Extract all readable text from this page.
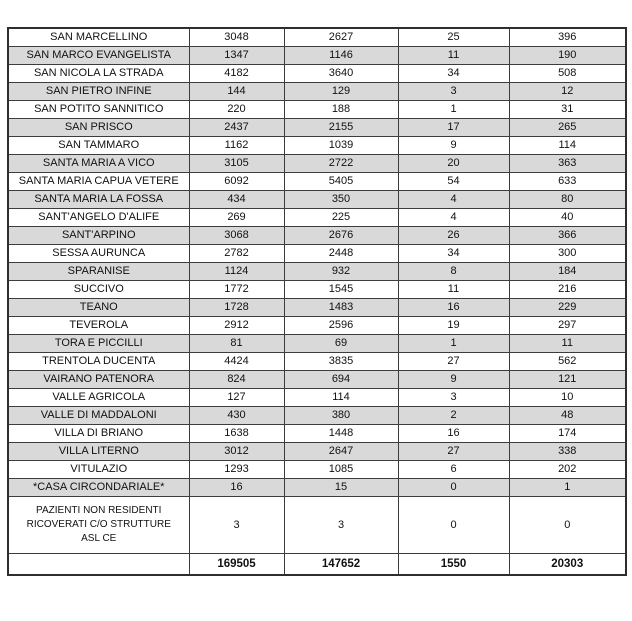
SAN MARCELLINO	3048	2627	25	396
SAN MARCO EVANGELISTA	1347	1146	11	190
SAN NICOLA LA STRADA	4182	3640	34	508
SAN PIETRO INFINE	144	129	3	12
SAN POTITO SANNITICO	220	188	1	31
SAN PRISCO	2437	2155	17	265
SAN TAMMARO	1162	1039	9	114
SANTA MARIA A VICO	3105	2722	20	363
SANTA MARIA CAPUA VETERE	6092	5405	54	633
SANTA MARIA LA FOSSA	434	350	4	80
SANT'ANGELO D'ALIFE	269	225	4	40
SANT'ARPINO	3068	2676	26	366
SESSA AURUNCA	2782	2448	34	300
SPARANISE	1124	932	8	184
SUCCIVO	1772	1545	11	216
TEANO	1728	1483	16	229
TEVEROLA	2912	2596	19	297
TORA E PICCILLI	81	69	1	11
TRENTOLA DUCENTA	4424	3835	27	562
VAIRANO PATENORA	824	694	9	121
VALLE AGRICOLA	127	114	3	10
VALLE DI MADDALONI	430	380	2	48
VILLA DI BRIANO	1638	1448	16	174
VILLA LITERNO	3012	2647	27	338
VITULAZIO	1293	1085	6	202
*CASA CIRCONDARIALE*	16	15	0	1
PAZIENTI NON RESIDENTI RICOVERATI C/O STRUTTURE ASL CE	3	3	0	0
	169505	147652	1550	20303
